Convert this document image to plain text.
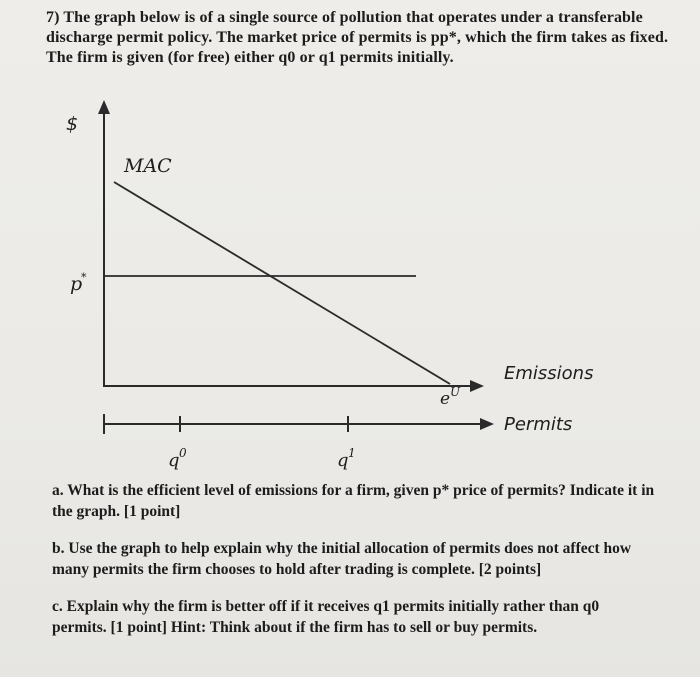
7) The graph below is of a single source of pollution that operates under a transferable
discharge permit policy. The market price of permits is pp*, which the firm takes as fixed.
The firm is given (for free) either q0 or q1 permits initially.
$
MAC
p
*
Emissions
e U
Permits
q 0	q 1
a. What is the efficient level of emissions for a firm, given p* price of permits? Indicate it in
the graph. [1 point]
b. Use the graph to help explain why the initial allocation of permits does not affect how
many permits the firm chooses to hold after trading is complete. [2 points]
c. Explain why the firm is better off if it receives q1 permits initially rather than q0
permits. [1 point] Hint: Think about if the firm has to sell or buy permits.
